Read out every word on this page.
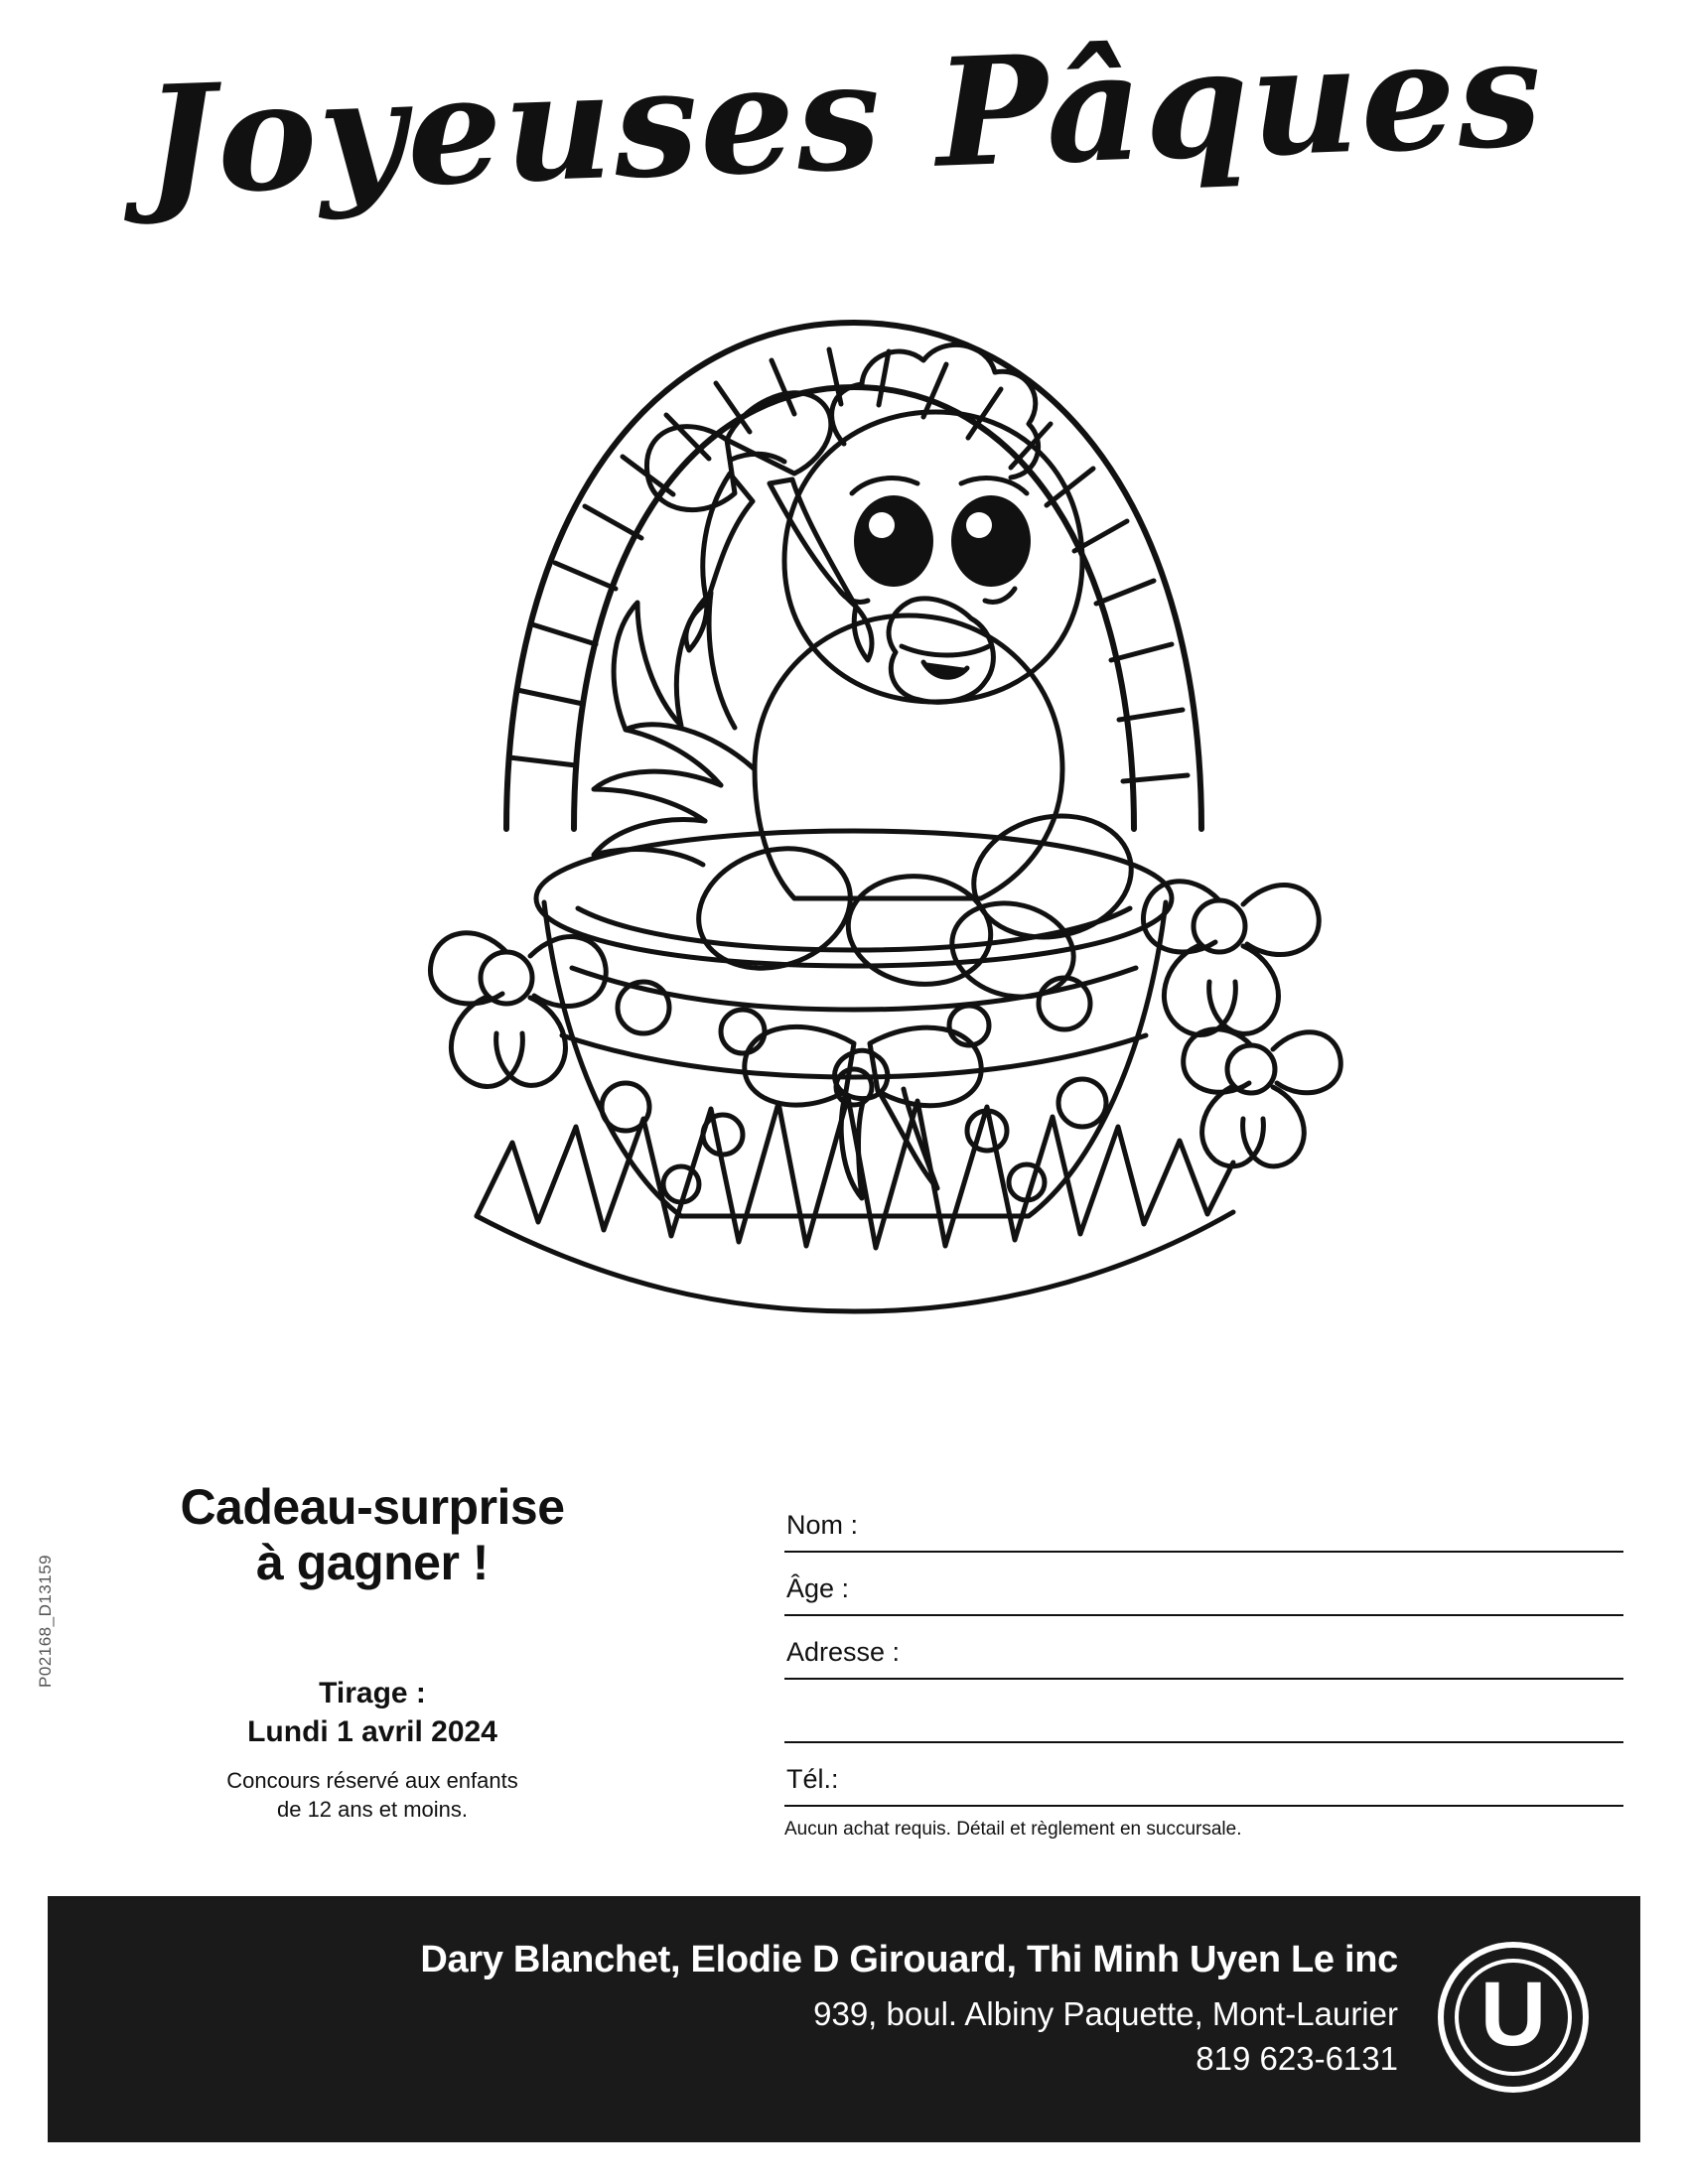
Joyeuses Pâques
P02168_D13159
Cadeau-surprise
à gagner !
Tirage :
Lundi 1 avril 2024
Concours réservé aux enfants
de 12 ans et moins.
Nom :
Âge :
Adresse :
Tél.:
Aucun achat requis. Détail et règlement en succursale.
Dary Blanchet, Elodie D Girouard, Thi Minh Uyen Le inc
939, boul. Albiny Paquette, Mont-Laurier
819 623-6131 U
